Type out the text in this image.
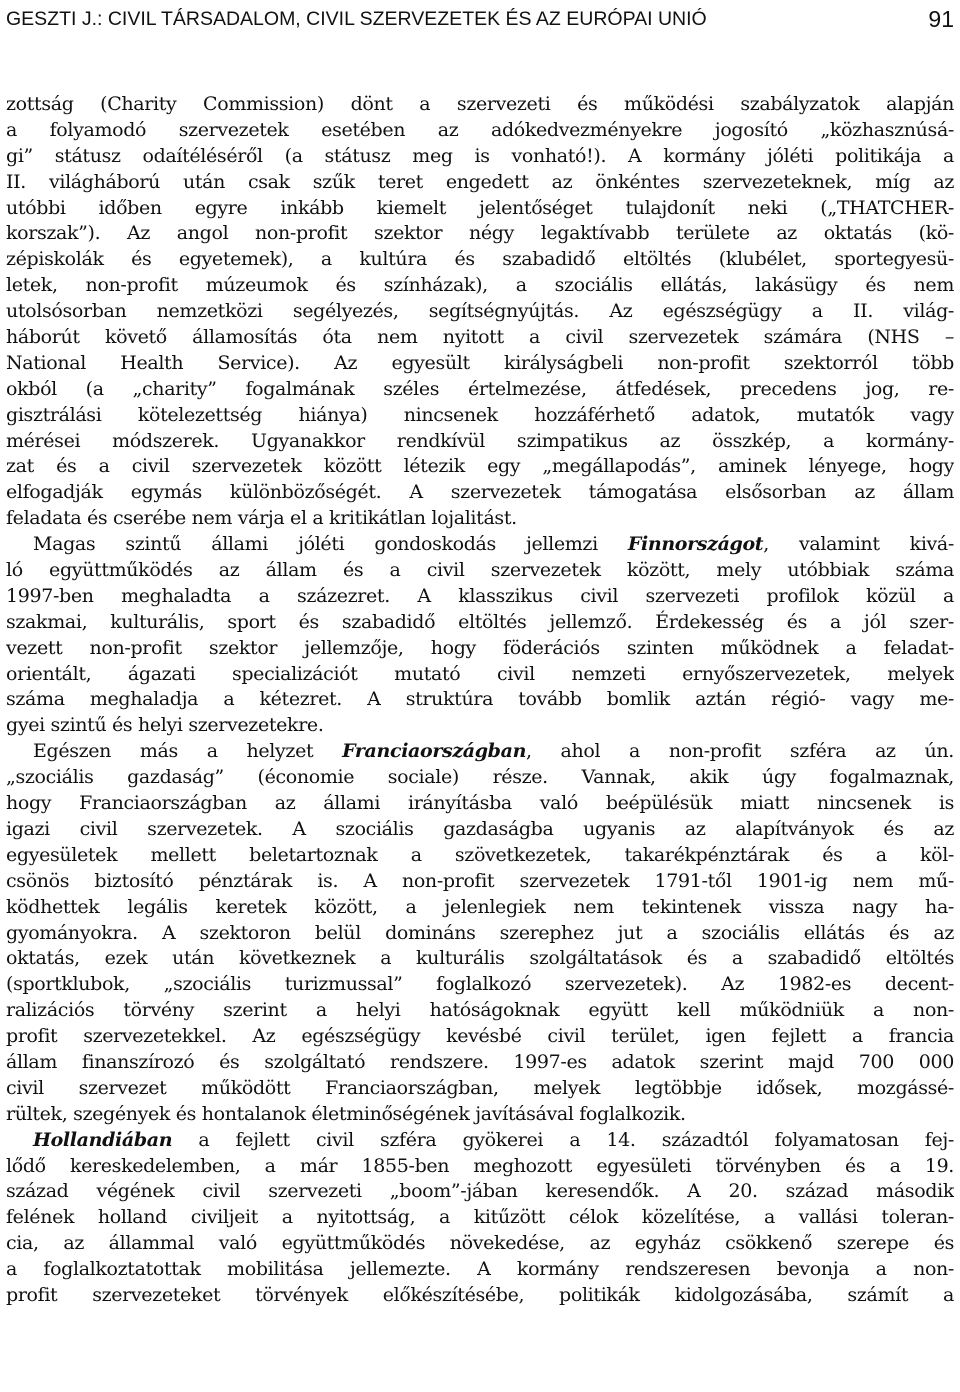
GESZTI J.: CIVIL TÁRSADALOM, CIVIL SZERVEZETEK ÉS AZ EURÓPAI UNIÓ	91
zottság (Charity Commission) dönt a szervezeti és működési szabályzatok alapján
a folyamodó szervezetek esetében az adókedvezményekre jogosító „közhasznúsá-
gi” státusz odaítéléséről (a státusz meg is vonható!). A kormány jóléti politikája a
II. világháború után csak szűk teret engedett az önkéntes szervezeteknek, míg az
utóbbi időben egyre inkább kiemelt jelentőséget tulajdonít neki („THATCHER-
korszak”). Az angol non-profit szektor négy legaktívabb területe az oktatás (kö-
zépiskolák és egyetemek), a kultúra és szabadidő eltöltés (klubélet, sportegyesü-
letek, non-profit múzeumok és színházak), a szociális ellátás, lakásügy és nem
utolsósorban nemzetközi segélyezés, segítségnyújtás. Az egészségügy a II. világ-
háborút követő államosítás óta nem nyitott a civil szervezetek számára (NHS –
National Health Service). Az egyesült királyságbeli non-profit szektorról több
okból (a „charity” fogalmának széles értelmezése, átfedések, precedens jog, re-
gisztrálási kötelezettség hiánya) nincsenek hozzáférhető adatok, mutatók vagy
mérései módszerek. Ugyanakkor rendkívül szimpatikus az összkép, a kormány-
zat és a civil szervezetek között létezik egy „megállapodás”, aminek lényege, hogy
elfogadják egymás különbözőségét. A szervezetek támogatása elsősorban az állam
feladata és cserébe nem várja el a kritikátlan lojalitást.
Magas szintű állami jóléti gondoskodás jellemzi Finnországot, valamint kivá-
ló együttműködés az állam és a civil szervezetek között, mely utóbbiak száma
1997-ben meghaladta a százezret. A klasszikus civil szervezeti profilok közül a
szakmai, kulturális, sport és szabadidő eltöltés jellemző. Érdekesség és a jól szer-
vezett non-profit szektor jellemzője, hogy föderációs szinten működnek a feladat-
orientált, ágazati specializációt mutató civil nemzeti ernyőszervezetek, melyek
száma meghaladja a kétezret. A struktúra tovább bomlik aztán régió- vagy me-
gyei szintű és helyi szervezetekre.
Egészen más a helyzet Franciaországban, ahol a non-profit szféra az ún.
„szociális gazdaság” (économie sociale) része. Vannak, akik úgy fogalmaznak,
hogy Franciaországban az állami irányításba való beépülésük miatt nincsenek is
igazi civil szervezetek. A szociális gazdaságba ugyanis az alapítványok és az
egyesületek mellett beletartoznak a szövetkezetek, takarékpénztárak és a köl-
csönös biztosító pénztárak is. A non-profit szervezetek 1791-től 1901-ig nem mű-
ködhettek legális keretek között, a jelenlegiek nem tekintenek vissza nagy ha-
gyományokra. A szektoron belül domináns szerephez jut a szociális ellátás és az
oktatás, ezek után következnek a kulturális szolgáltatások és a szabadidő eltöltés
(sportklubok, „szociális turizmussal” foglalkozó szervezetek). Az 1982-es decent-
ralizációs törvény szerint a helyi hatóságoknak együtt kell működniük a non-
profit szervezetekkel. Az egészségügy kevésbé civil terület, igen fejlett a francia
állam finanszírozó és szolgáltató rendszere. 1997-es adatok szerint majd 700 000
civil szervezet működött Franciaországban, melyek legtöbbje idősek, mozgássé-
rültek, szegények és hontalanok életminőségének javításával foglalkozik.
Hollandiában a fejlett civil szféra gyökerei a 14. századtól folyamatosan fej-
lődő kereskedelemben, a már 1855-ben meghozott egyesületi törvényben és a 19.
század végének civil szervezeti „boom”-jában keresendők. A 20. század második
felének holland civiljeit a nyitottság, a kitűzött célok közelítése, a vallási toleran-
cia, az állammal való együttműködés növekedése, az egyház csökkenő szerepe és
a foglalkoztatottak mobilitása jellemezte. A kormány rendszeresen bevonja a non-
profit szervezeteket törvények előkészítésébe, politikák kidolgozásába, számít a
